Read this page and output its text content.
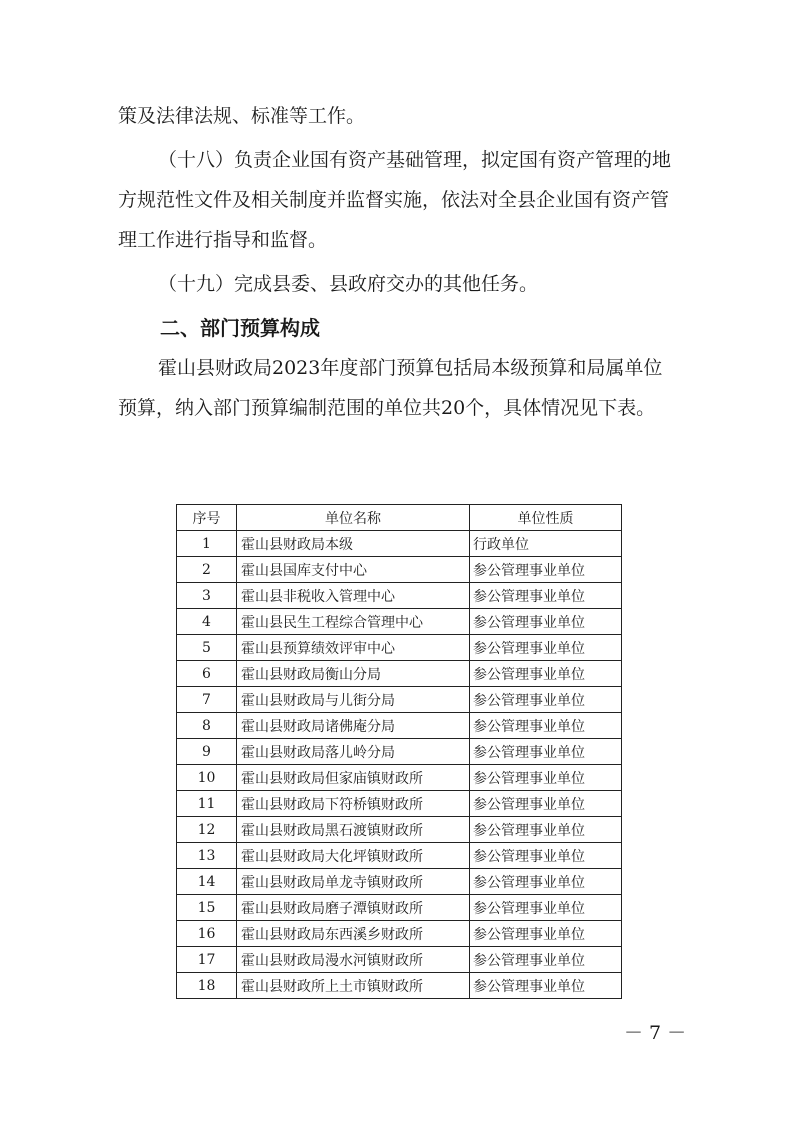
策及法律法规、标准等工作。

（十八）负责企业国有资产基础管理，拟定国有资产管理的地方规范性文件及相关制度并监督实施，依法对全县企业国有资产管理工作进行指导和监督。

（十九）完成县委、县政府交办的其他任务。

二、部门预算构成

霍山县财政局2023年度部门预算包括局本级预算和局属单位预算，纳入部门预算编制范围的单位共20个，具体情况见下表。

序号	单位名称	单位性质
1	霍山县财政局本级	行政单位
2	霍山县国库支付中心	参公管理事业单位
3	霍山县非税收入管理中心	参公管理事业单位
4	霍山县民生工程综合管理中心	参公管理事业单位
5	霍山县预算绩效评审中心	参公管理事业单位
6	霍山县财政局衡山分局	参公管理事业单位
7	霍山县财政局与儿街分局	参公管理事业单位
8	霍山县财政局诸佛庵分局	参公管理事业单位
9	霍山县财政局落儿岭分局	参公管理事业单位
10	霍山县财政局但家庙镇财政所	参公管理事业单位
11	霍山县财政局下符桥镇财政所	参公管理事业单位
12	霍山县财政局黑石渡镇财政所	参公管理事业单位
13	霍山县财政局大化坪镇财政所	参公管理事业单位
14	霍山县财政局单龙寺镇财政所	参公管理事业单位
15	霍山县财政局磨子潭镇财政所	参公管理事业单位
16	霍山县财政局东西溪乡财政所	参公管理事业单位
17	霍山县财政局漫水河镇财政所	参公管理事业单位
18	霍山县财政所上土市镇财政所	参公管理事业单位
－ 7 －
